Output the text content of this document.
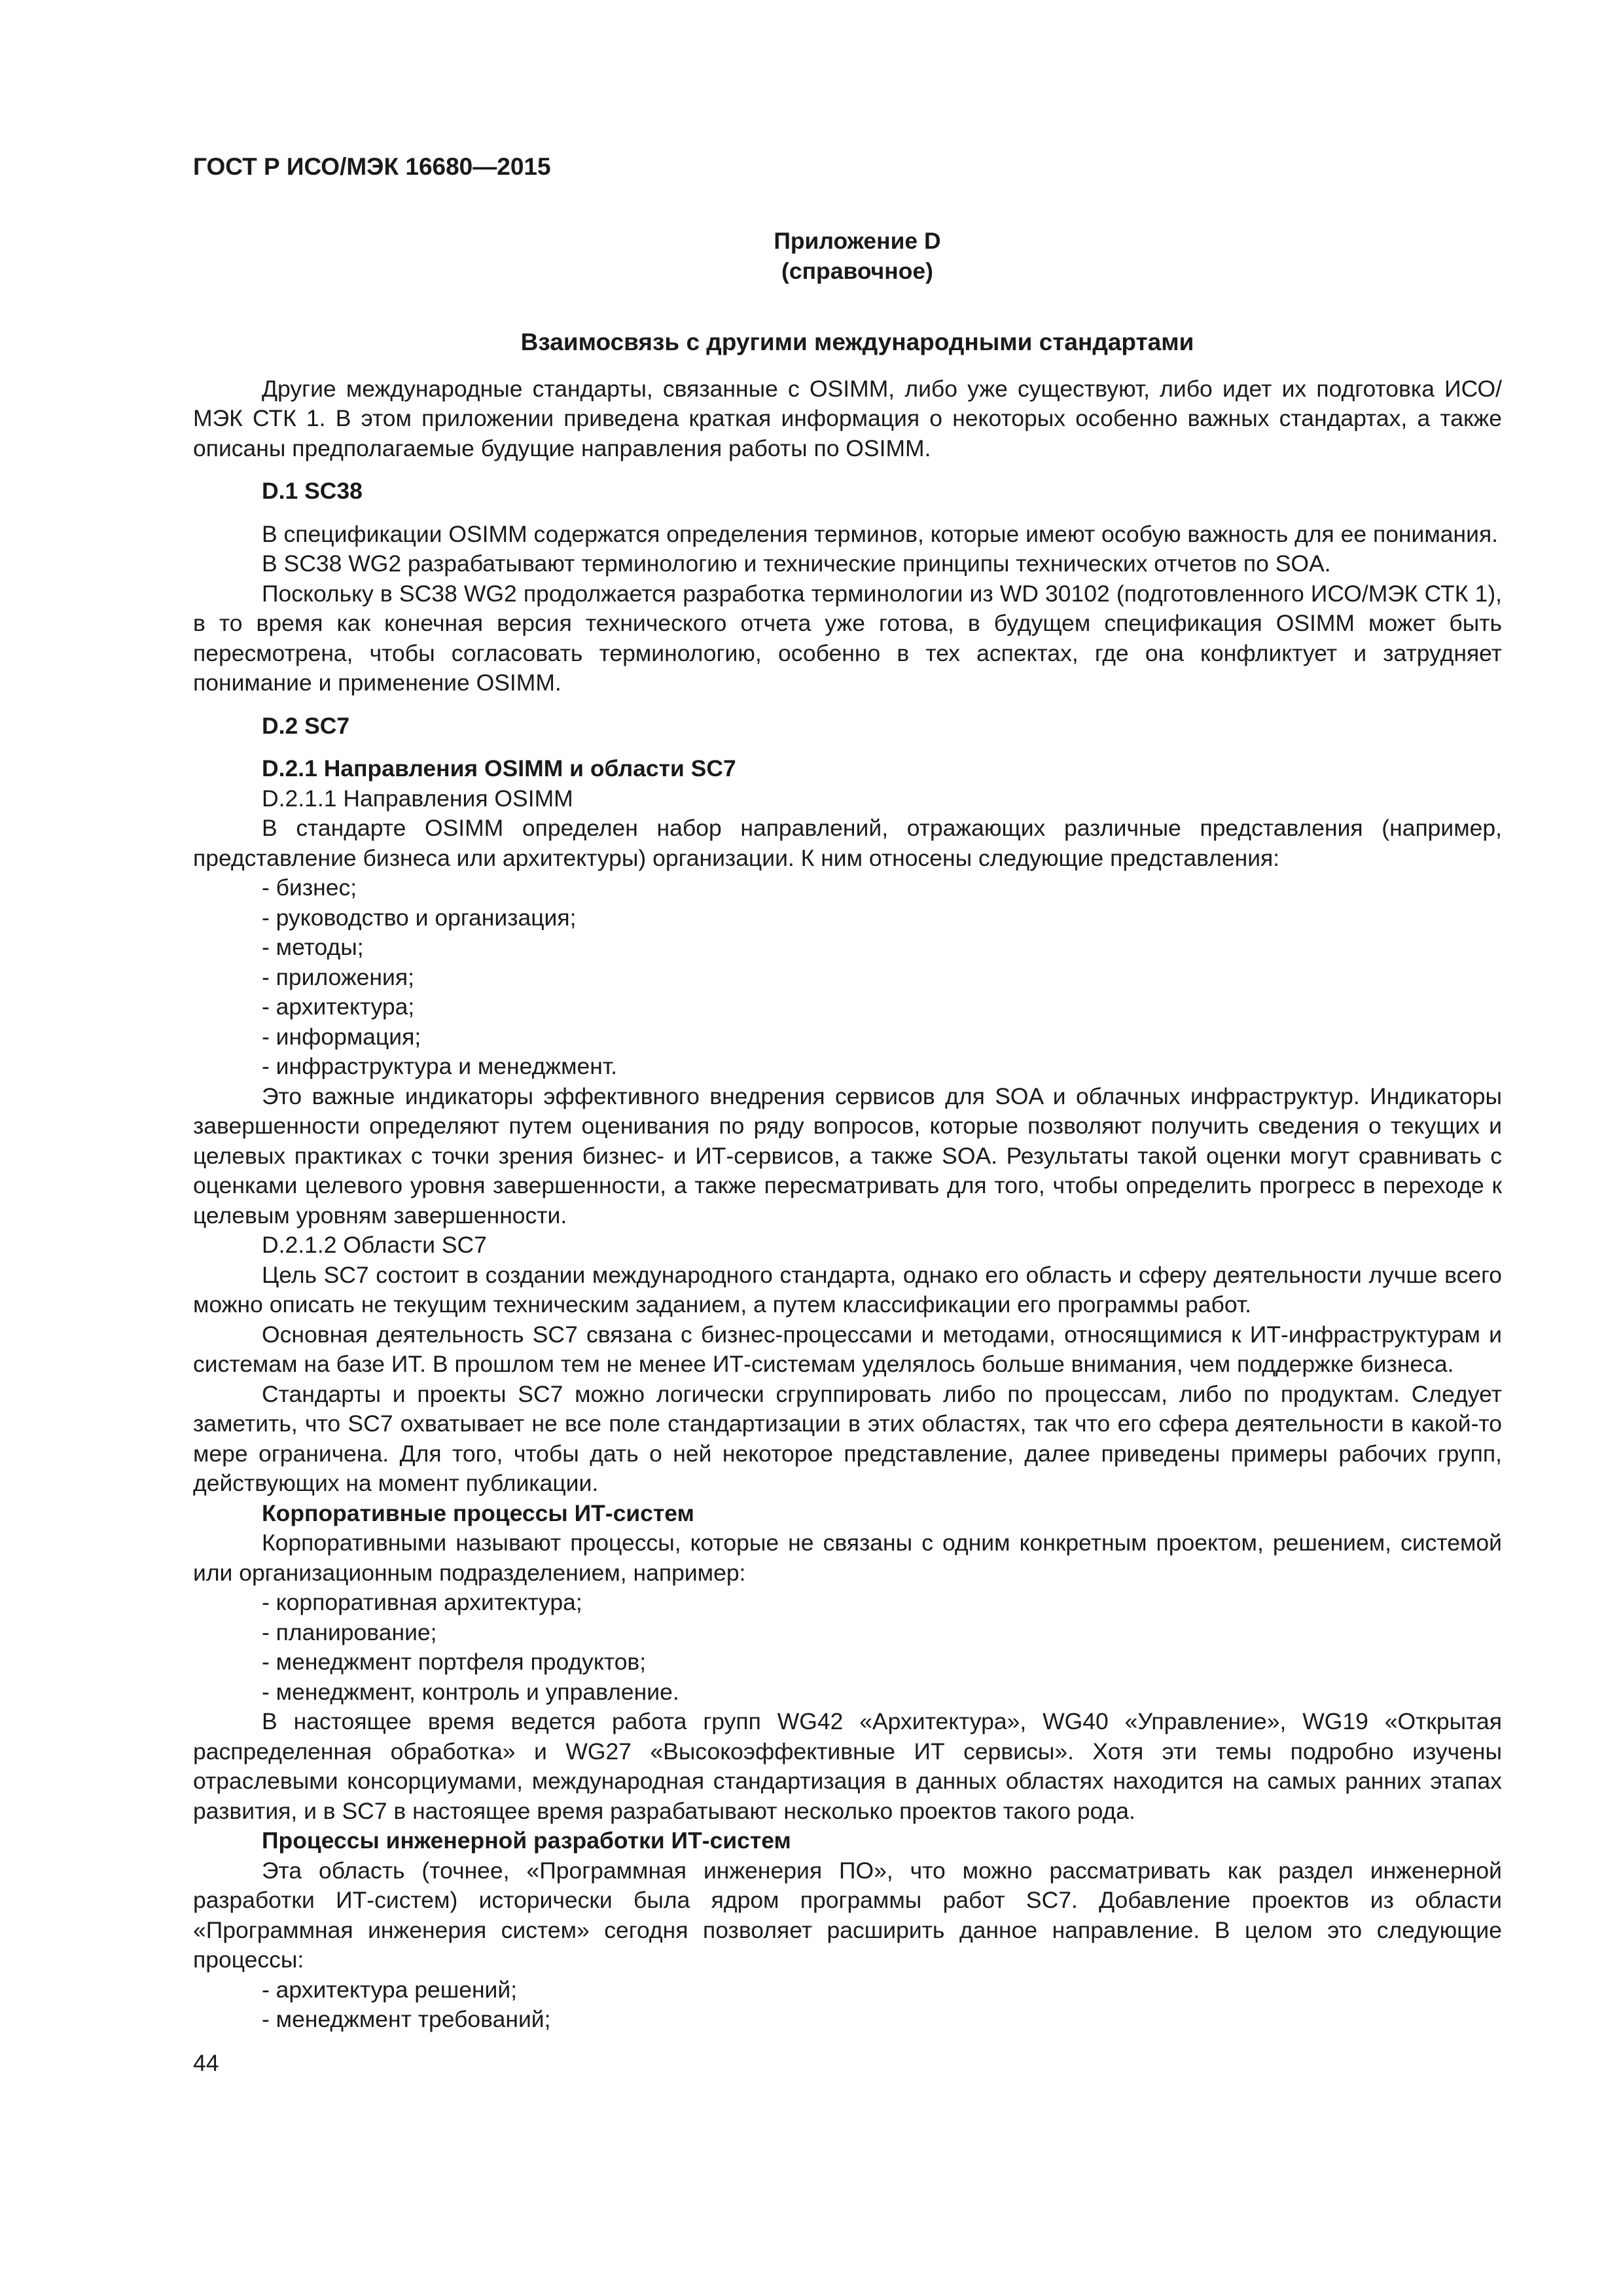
ГОСТ Р ИСО/МЭК 16680—2015

Приложение D

(справочное)

Взаимосвязь с другими международными стандартами

Другие международные стандарты, связанные с OSIMM, либо уже существуют, либо идет их подготовка ИСО/МЭК СТК 1. В этом приложении приведена краткая информация о некоторых особенно важных стандартах, а также описаны предполагаемые будущие направления работы по OSIMM.

D.1 SC38

В спецификации OSIMM содержатся определения терминов, которые имеют особую важность для ее понимания.

В SC38 WG2 разрабатывают терминологию и технические принципы технических отчетов по SOA.

Поскольку в SC38 WG2 продолжается разработка терминологии из WD 30102 (подготовленного ИСО/МЭК СТК 1), в то время как конечная версия технического отчета уже готова, в будущем спецификация OSIMM может быть пересмотрена, чтобы согласовать терминологию, особенно в тех аспектах, где она конфликтует и затрудняет понимание и применение OSIMM.

D.2 SC7

D.2.1 Направления OSIMM и области SC7

D.2.1.1 Направления OSIMM

В стандарте OSIMM определен набор направлений, отражающих различные представления (например, представление бизнеса или архитектуры) организации. К ним относены следующие представления:

- бизнес;
- руководство и организация;
- методы;
- приложения;
- архитектура;
- информация;
- инфраструктура и менеджмент.

Это важные индикаторы эффективного внедрения сервисов для SOA и облачных инфраструктур. Индикаторы завершенности определяют путем оценивания по ряду вопросов, которые позволяют получить сведения о текущих и целевых практиках с точки зрения бизнес- и ИТ-сервисов, а также SOA. Результаты такой оценки могут сравнивать с оценками целевого уровня завершенности, а также пересматривать для того, чтобы определить прогресс в переходе к целевым уровням завершенности.

D.2.1.2 Области SC7

Цель SC7 состоит в создании международного стандарта, однако его область и сферу деятельности лучше всего можно описать не текущим техническим заданием, а путем классификации его программы работ.

Основная деятельность SC7 связана с бизнес-процессами и методами, относящимися к ИТ-инфраструктурам и системам на базе ИТ. В прошлом тем не менее ИТ-системам уделялось больше внимания, чем поддержке бизнеса.

Стандарты и проекты SC7 можно логически сгруппировать либо по процессам, либо по продуктам. Следует заметить, что SC7 охватывает не все поле стандартизации в этих областях, так что его сфера деятельности в какой-то мере ограничена. Для того, чтобы дать о ней некоторое представление, далее приведены примеры рабочих групп, действующих на момент публикации.

Корпоративные процессы ИТ-систем

Корпоративными называют процессы, которые не связаны с одним конкретным проектом, решением, системой или организационным подразделением, например:

- корпоративная архитектура;
- планирование;
- менеджмент портфеля продуктов;
- менеджмент, контроль и управление.

В настоящее время ведется работа групп WG42 «Архитектура», WG40 «Управление», WG19 «Открытая распределенная обработка» и WG27 «Высокоэффективные ИТ сервисы». Хотя эти темы подробно изучены отраслевыми консорциумами, международная стандартизация в данных областях находится на самых ранних этапах развития, и в SC7 в настоящее время разрабатывают несколько проектов такого рода.

Процессы инженерной разработки ИТ-систем

Эта область (точнее, «Программная инженерия ПО», что можно рассматривать как раздел инженерной разработки ИТ-систем) исторически была ядром программы работ SC7. Добавление проектов из области «Программная инженерия систем» сегодня позволяет расширить данное направление. В целом это следующие процессы:

- архитектура решений;
- менеджмент требований;
44
